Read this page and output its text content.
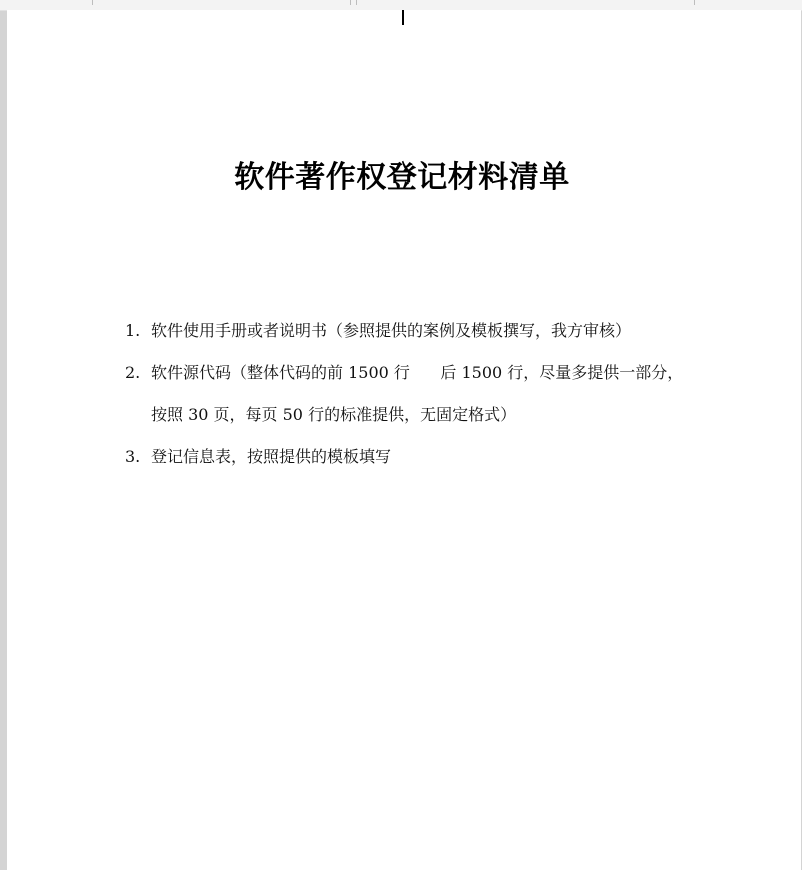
软件著作权登记材料清单
1. 软件使用手册或者说明书（参照提供的案例及模板撰写，我方审核）
2. 软件源代码（整体代码的前 1500 行      后 1500 行，尽量多提供一部分，按照 30 页，每页 50 行的标准提供，无固定格式）
3. 登记信息表，按照提供的模板填写
